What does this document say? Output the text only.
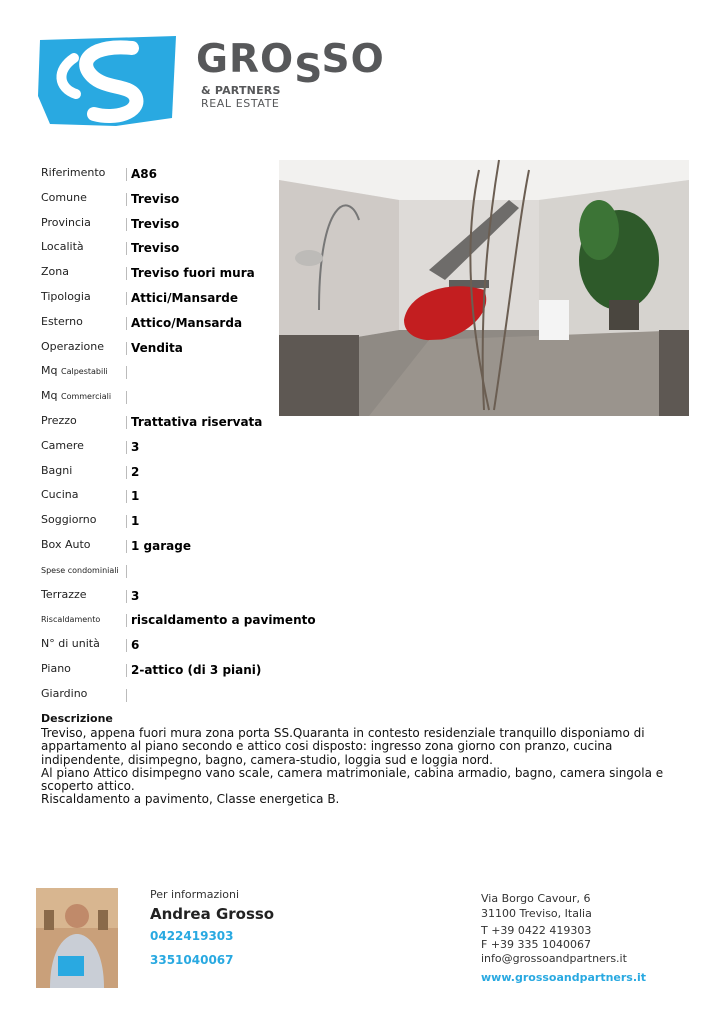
GROSSO
& PARTNERS
REAL ESTATE
Riferimento A86
Comune	Treviso
Provincia	Treviso
Località	Treviso
Zona	Treviso fuori mura
Tipologia	Attici/Mansarde
Esterno	Attico/Mansarda
Operazione Vendita
Mq Calpestabili
Mq Commerciali
Prezzo	Trattativa riservata
Camere	3
Bagni	2
Cucina	1
Soggiorno	1
Box Auto	1 garage
Spese condominiali
Terrazze	3
Riscaldamento	riscaldamento a pavimento
N° di unità	6
Piano	2-attico (di 3 piani)
Giardino
Descrizione

Treviso, appena fuori mura zona porta SS.Quaranta in contesto residenziale tranquillo disponiamo di appartamento al piano secondo e attico cosi disposto: ingresso zona giorno con pranzo, cucina indipendente, disimpegno, bagno, camera-studio, loggia sud e loggia nord.

Al piano Attico disimpegno vano scale, camera matrimoniale, cabina armadio, bagno, camera singola e scoperto attico.

Riscaldamento a pavimento, Classe energetica B.

Per informazioni
Andrea Grosso
0422419303
3351040067
Via Borgo Cavour, 6
31100 Treviso, Italia
T +39 0422 419303
F +39 335 1040067
info@grossoandpartners.it
www.grossoandpartners.it
